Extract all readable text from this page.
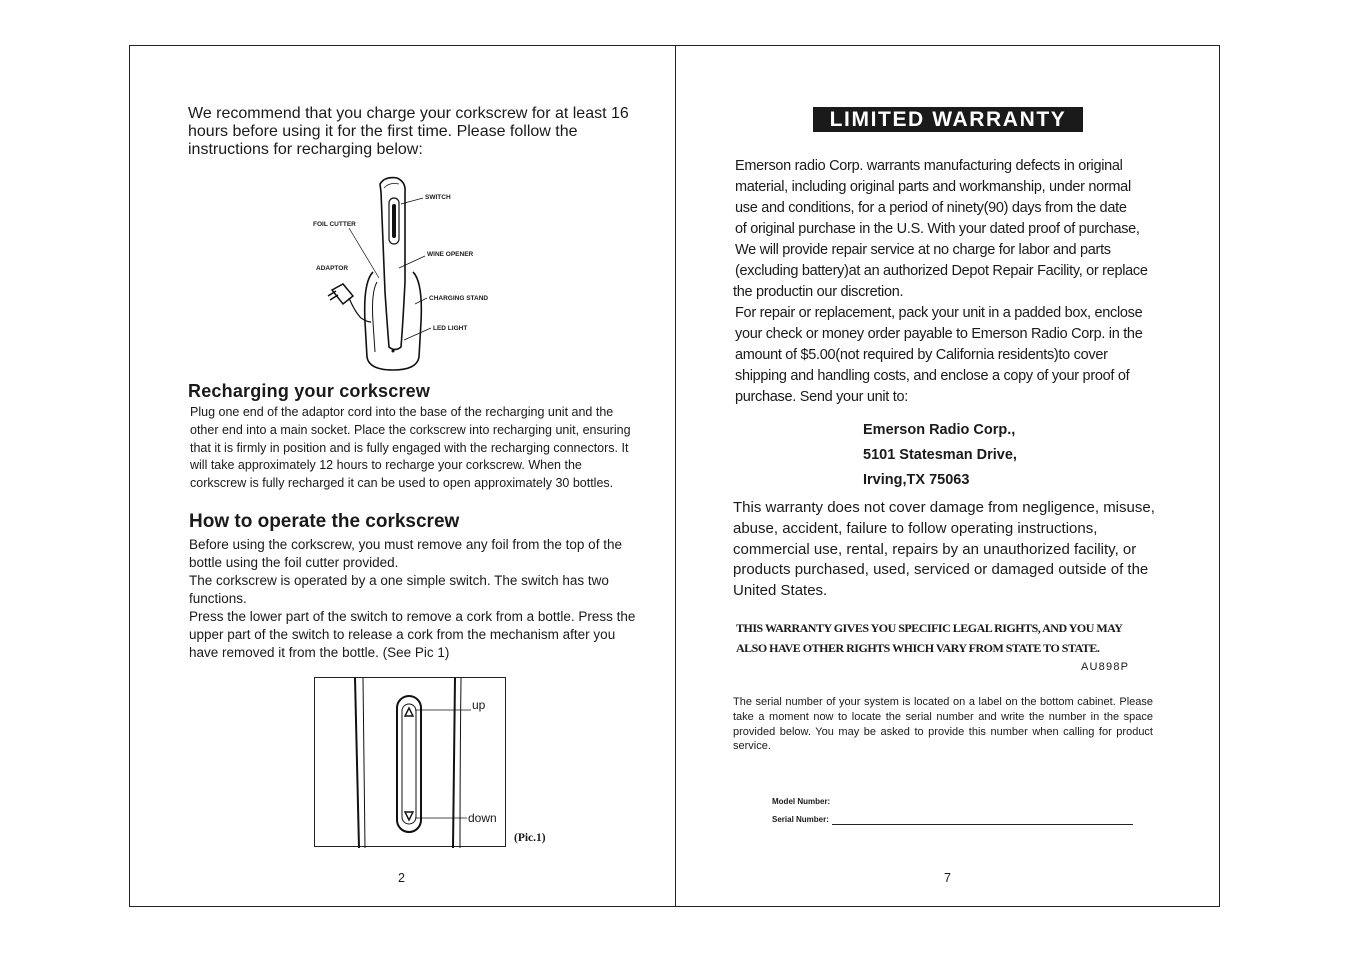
We recommend that you charge your corkscrew for at least 16 hours before using it for the first time. Please follow the instructions for recharging below:
SWITCH
FOIL CUTTER
WINE OPENER
ADAPTOR
CHARGING STAND
LED LIGHT
Recharging your corkscrew
Plug one end of the adaptor cord into the base of the recharging unit and the other end into a main socket. Place the corkscrew into recharging unit, ensuring that it is firmly in position and is fully engaged with the recharging connectors. It will take approximately 12 hours to recharge your corkscrew. When the corkscrew is fully recharged it can be used to open approximately 30 bottles.
How to operate the corkscrew

Before using the corkscrew, you must remove any foil from the top of the bottle using the foil cutter provided.

The corkscrew is operated by a one simple switch. The switch has two functions.

Press the lower part of the switch to remove a cork from a bottle. Press the upper part of the switch to release a cork from the mechanism after you have removed it from the bottle. (See Pic 1)

up
down
(Pic.1)
2
LIMITED WARRANTY
Emerson radio Corp. warrants manufacturing defects in original
material, including original parts and workmanship, under normal
use and conditions, for a period of ninety(90) days from the date
of original purchase in the U.S. With your dated proof of purchase,
We will provide repair service at no charge for labor and parts
(excluding battery)at an authorized Depot Repair Facility, or replace
the productin our discretion.
For repair or replacement, pack your unit in a padded box, enclose
your check or money order payable to Emerson Radio Corp. in the
amount of $5.00(not required by California residents)to cover
shipping and handling costs, and enclose a copy of your proof of
purchase. Send your unit to:
Emerson Radio Corp.,
5101 Statesman Drive,
Irving,TX 75063
This warranty does not cover damage from negligence, misuse, abuse, accident, failure to follow operating instructions, commercial use, rental, repairs by an unauthorized facility, or products purchased, used, serviced or damaged outside of the United States.
THIS WARRANTY GIVES YOU SPECIFIC LEGAL RIGHTS, AND YOU MAY
ALSO HAVE OTHER RIGHTS WHICH VARY FROM STATE TO STATE.
AU898P
The serial number of your system is located on a label on the bottom cabinet. Please take a moment now to locate the serial number and write the number in the space provided below. You may be asked to provide this number when calling for product service.
Model Number:
Serial Number:
7
